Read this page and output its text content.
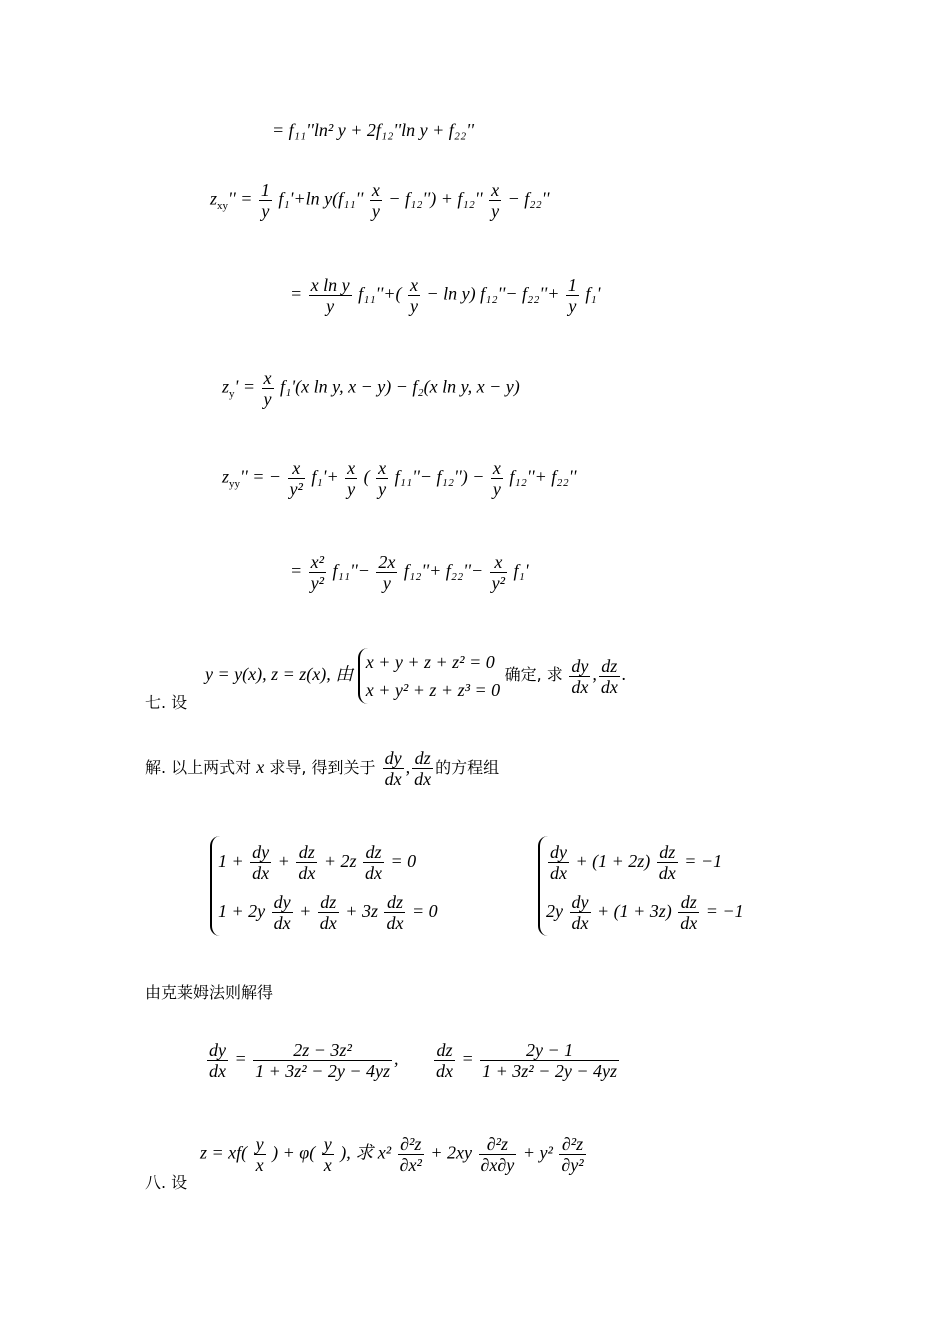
= f₁₁''ln² y + 2f₁₂''ln y + f₂₂''
$z_{xy}'' = \frac{1}{y} f_1'+\ln$ $y(f_{11}'' \frac{x}{y} - f_{12}'') + f_{12}'' \frac{x}{y} - f_{22}''$
= $\frac{\text{x ln y}}{y} f_{11}''+( \frac{x}{y} - \ln y)$ $f_{12}''- f_{22}''+ \frac{1}{y} f_1'$
$z_y' = \frac{x}{y} f_1'(x$ ln y, x − y) − f₂(x ln y, x − y)
$z_{yy}''$ = − $\frac{x}{\text{y²}} f_1'+ \frac{x}{y}$ ( $\frac{x}{y} f_{11}''- f_{12}'') - \frac{x}{y} f_{12}''+ f_{22}''$
= $\frac{\text{x²}}{\text{y²}} f_{11}''- \frac{2x}{y} f_{12}''+ f_{22}''- \frac{x}{\text{y²}} f_1'$
七. 设
y = y(x), z = z(x), 由
x + y + z + z² = 0
x + y² + z + z³ = 0
确定, 求 $\frac{dy}{dx}$ , $\frac{dz}{dx}$ .
解. 以上两式对 x 求导, 得到关于 $\frac{dy}{dx}$ , $\frac{dz}{dx}$ 的方程组
$1 + \frac{dy}{dx} + \frac{dz}{dx} + 2z \frac{dz}{dx} = 0$
$1 + 2y \frac{dy}{dx} + \frac{dz}{dx} + 3z \frac{dz}{dx} = 0$
$\frac{dy}{dx} + (1 + 2z) \frac{dz}{dx} = -1$
$2y \frac{dy}{dx} + (1 + 3z) \frac{dz}{dx} = -1$
由克莱姆法则解得
$\frac{dy}{dx} = \frac{\text{2z − 3z²}}{\text{1 + 3z² − 2y − 4yz}}$ , $\frac{dz}{dx} = \frac{2y - 1}{\text{1 + 3z² − 2y − 4yz}}$
八. 设
$z = xf( \frac{y}{x}$ ) + $\varphi( \frac{y}{x}$ ), 求 $x^2 \frac{\text{∂²z}}{\text{∂x²}} + 2xy \frac{\text{∂²z}}{\partial x\partial y} + y^2 \frac{\text{∂²z}}{\text{∂y²}}$
